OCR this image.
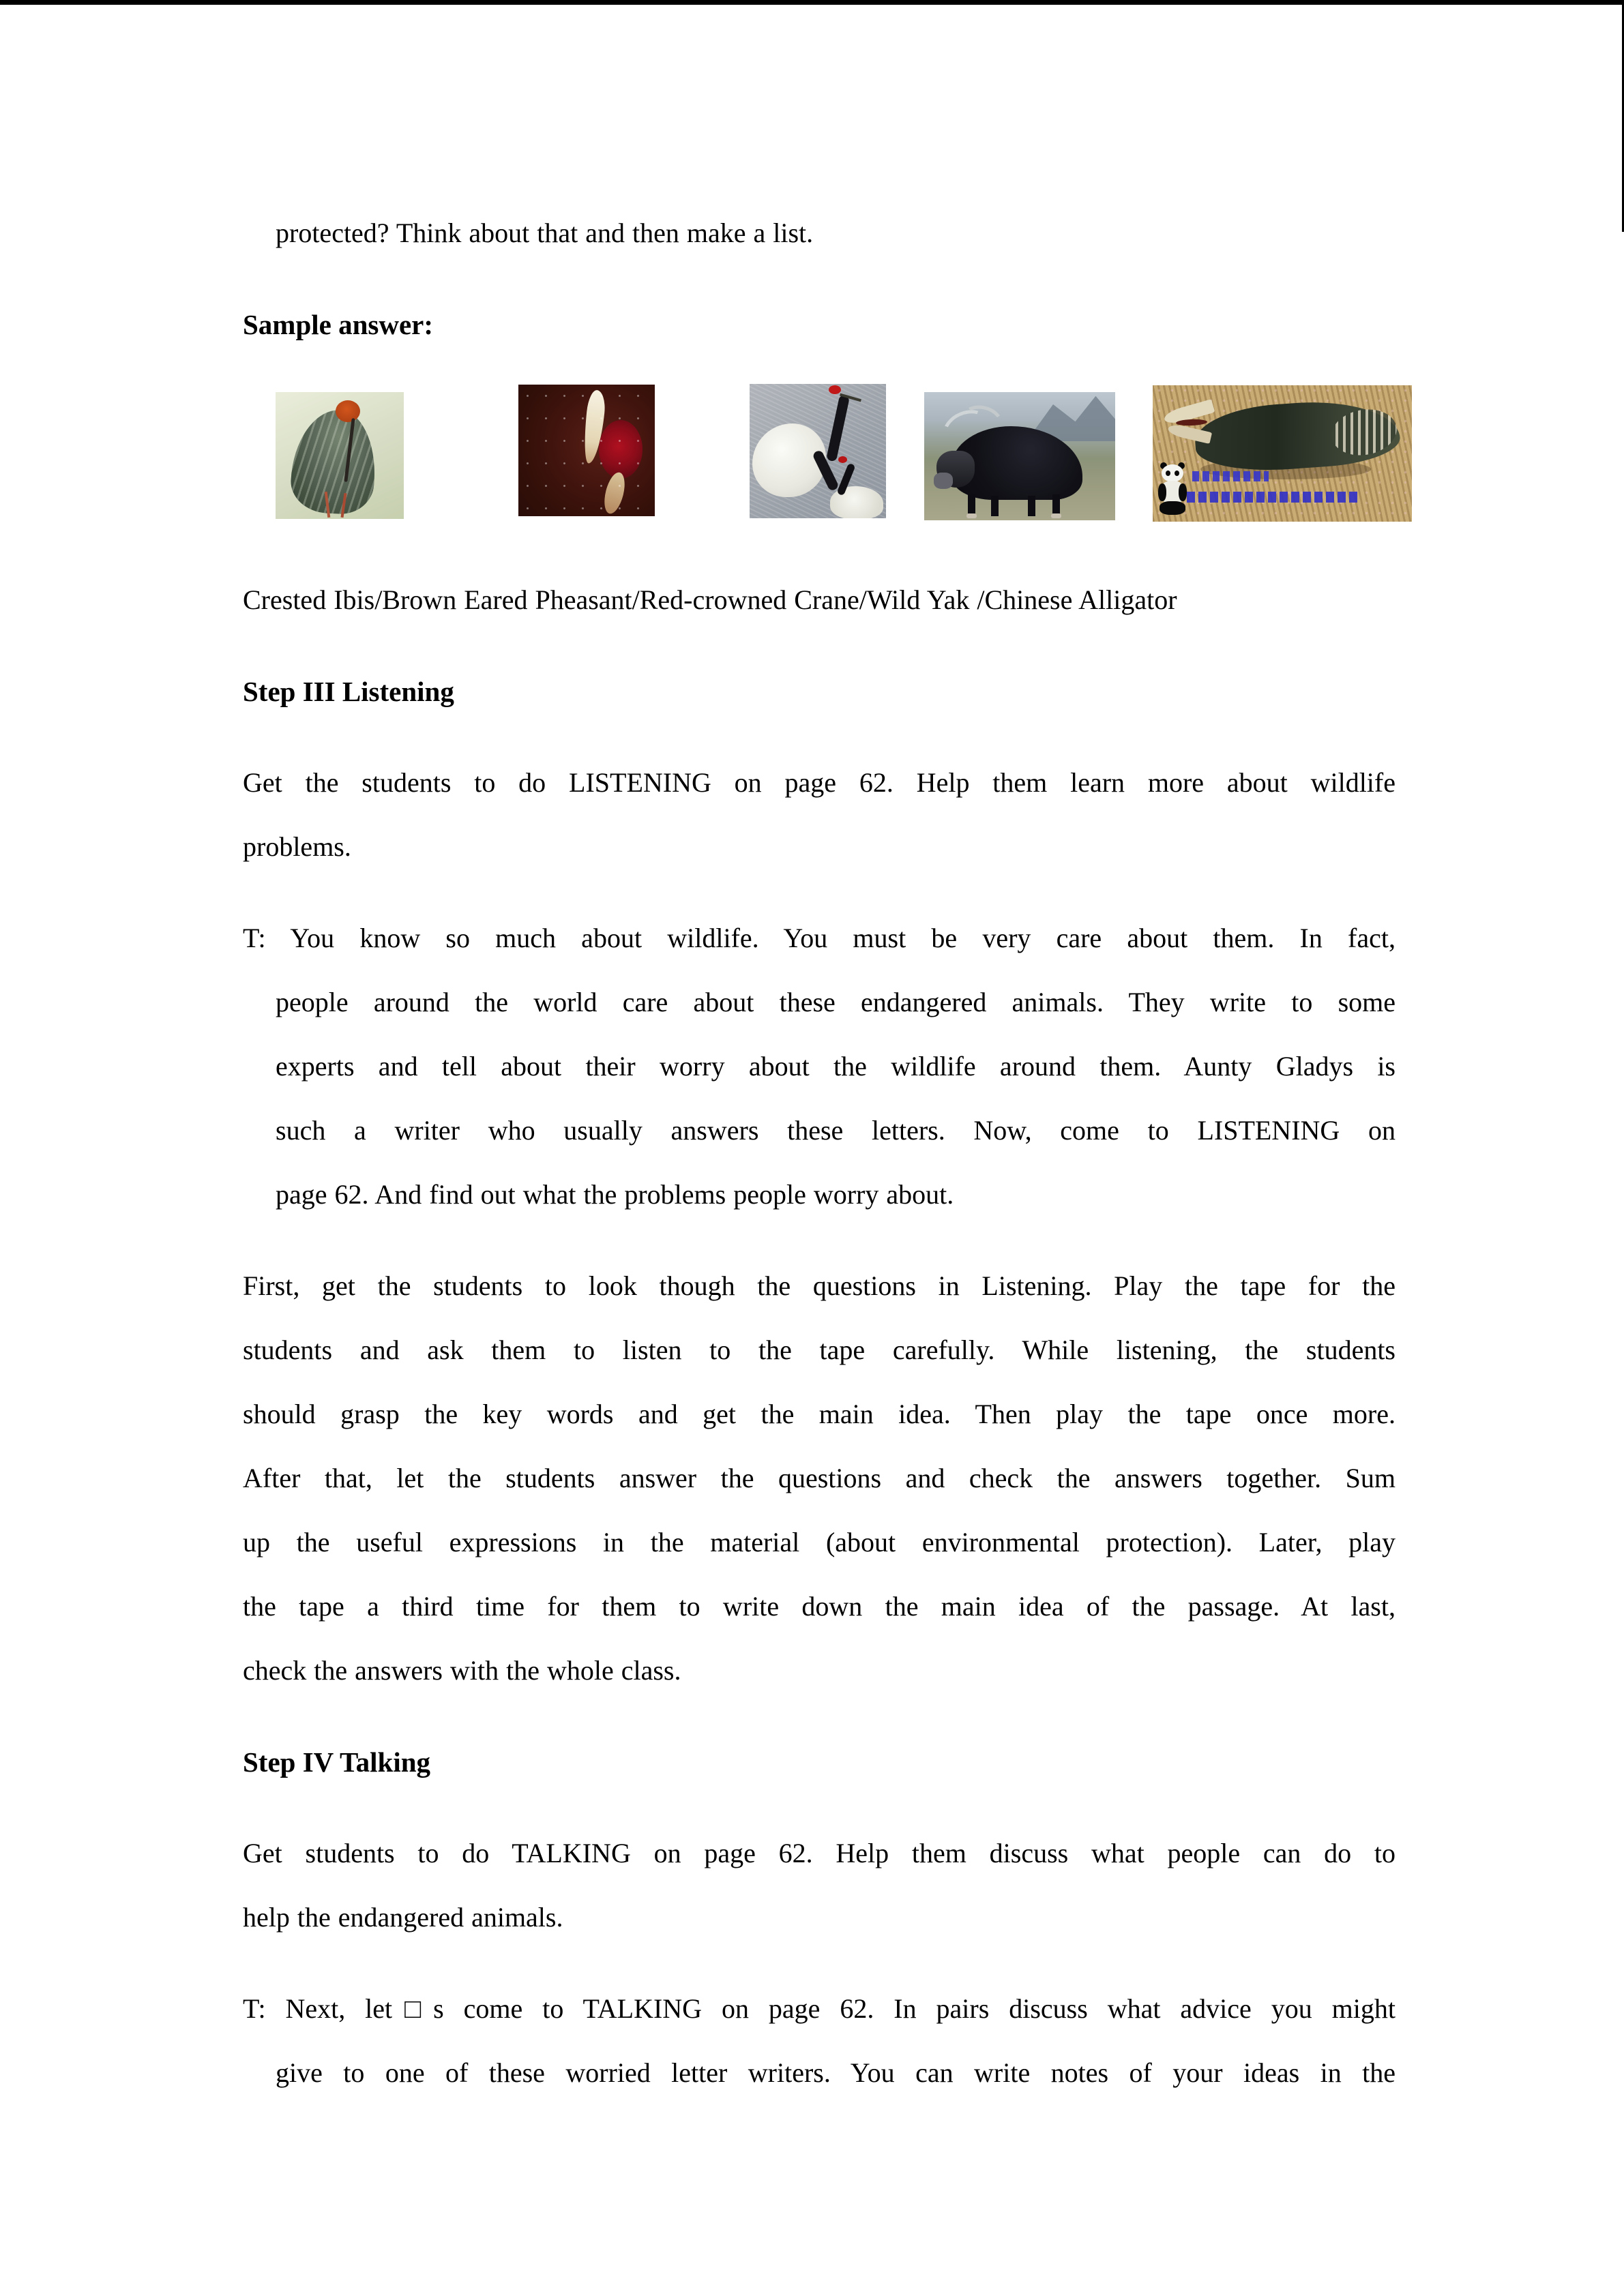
protected? Think about that and then make a list.
Sample answer:
Crested Ibis/Brown Eared Pheasant/Red-crowned Crane/Wild Yak /Chinese Alligator
Step III Listening
Get the students to do LISTENING on page 62. Help them learn more about wildlife
problems.
T: You know so much about wildlife. You must be very care about them. In fact,
people around the world care about these endangered animals. They write to some
experts and tell about their worry about the wildlife around them. Aunty Gladys is
such a writer who usually answers these letters. Now, come to LISTENING on
page 62. And find out what the problems people worry about.
First, get the students to look though the questions in Listening. Play the tape for the
students and ask them to listen to the tape carefully. While listening, the students
should grasp the key words and get the main idea. Then play the tape once more.
After that, let the students answer the questions and check the answers together. Sum
up the useful expressions in the material (about environmental protection). Later, play
the tape a third time for them to write down the main idea of the passage. At last,
check the answers with the whole class.
Step IV Talking
Get students to do TALKING on page 62. Help them discuss what people can do to
help the endangered animals.
T: Next, let□s come to TALKING on page 62. In pairs discuss what advice you might
give to one of these worried letter writers. You can write notes of your ideas in the
